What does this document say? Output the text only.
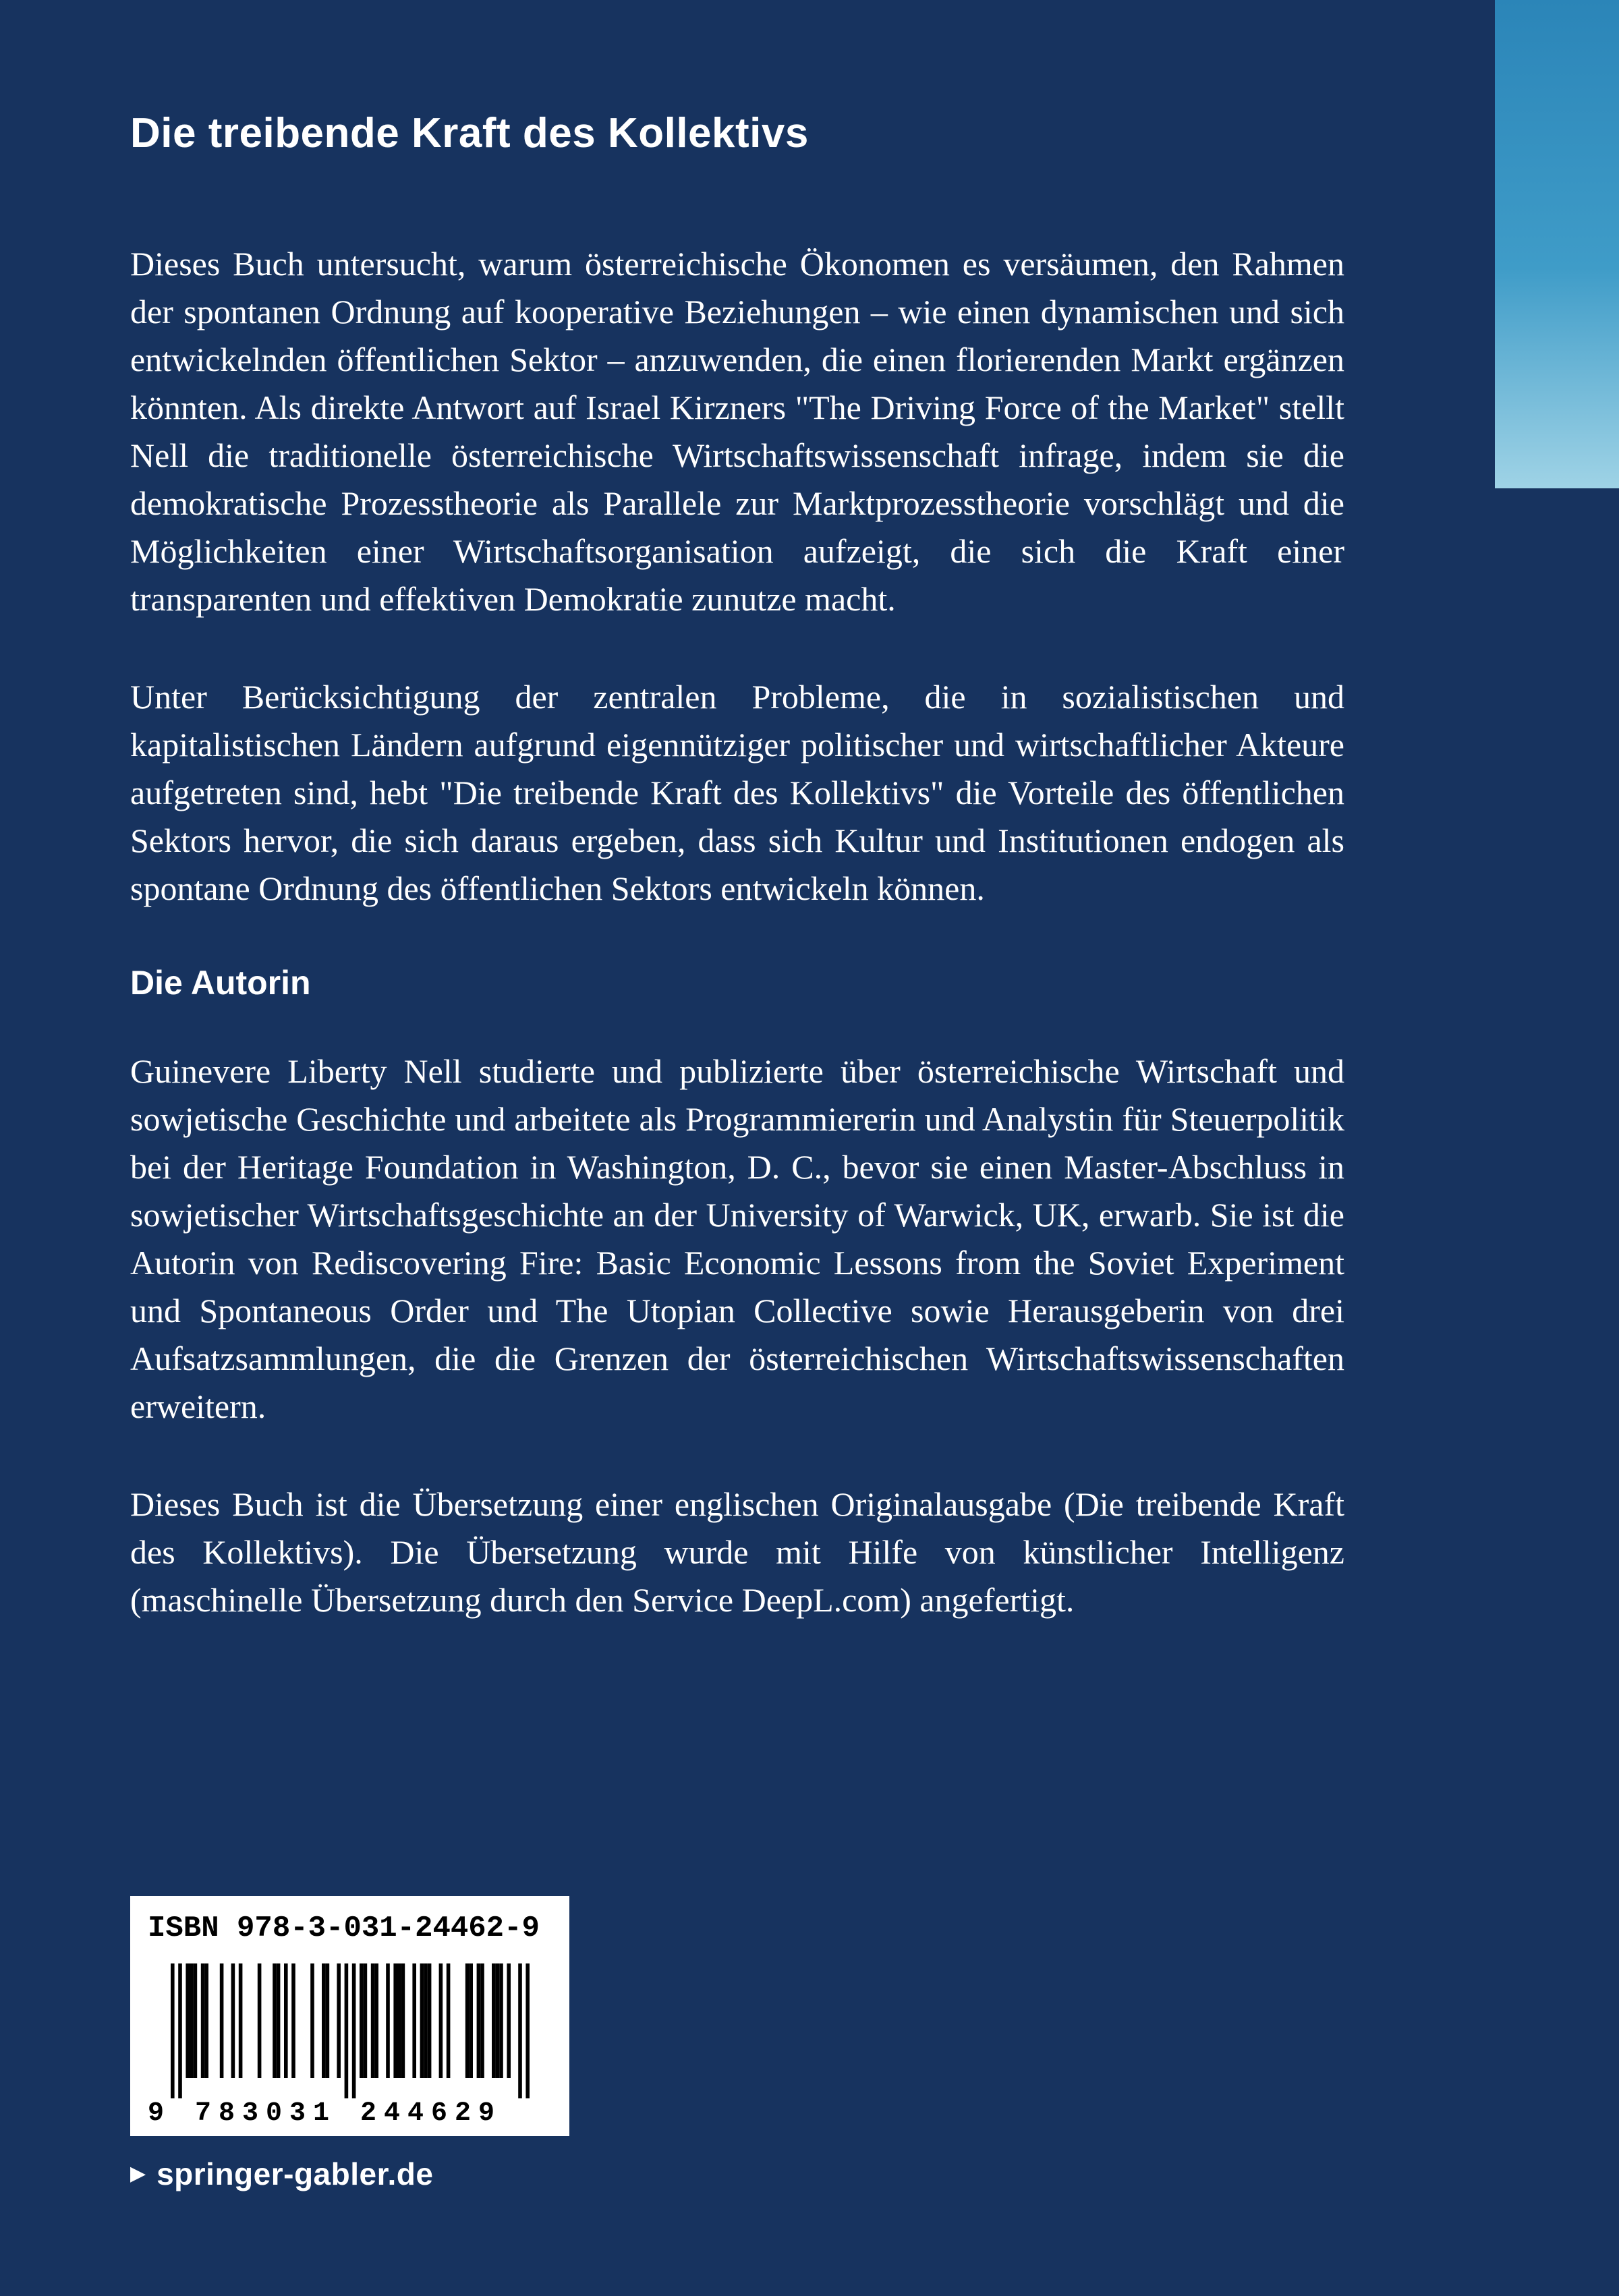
Die treibende Kraft des Kollektivs

Dieses Buch untersucht, warum österreichische Ökonomen es versäumen, den Rahmen der spontanen Ordnung auf kooperative Beziehungen – wie einen dynamischen und sich entwickelnden öffentlichen Sektor – anzuwenden, die einen florierenden Markt ergänzen könnten. Als direkte Antwort auf Israel Kirzners "The Driving Force of the Market" stellt Nell die traditionelle österreichische Wirtschaftswissenschaft infrage, indem sie die demokratische Prozesstheorie als Parallele zur Marktprozesstheorie vorschlägt und die Möglichkeiten einer Wirtschaftsorganisation aufzeigt, die sich die Kraft einer transparenten und effektiven Demokratie zunutze macht.

Unter Berücksichtigung der zentralen Probleme, die in sozialistischen und kapitalistischen Ländern aufgrund eigennütziger politischer und wirtschaftlicher Akteure aufgetreten sind, hebt "Die treibende Kraft des Kollektivs" die Vorteile des öffentlichen Sektors hervor, die sich daraus ergeben, dass sich Kultur und Institutionen endogen als spontane Ordnung des öffentlichen Sektors entwickeln können.

Die Autorin

Guinevere Liberty Nell studierte und publizierte über österreichische Wirtschaft und sowjetische Geschichte und arbeitete als Programmiererin und Analystin für Steuerpolitik bei der Heritage Foundation in Washington, D. C., bevor sie einen Master-Abschluss in sowjetischer Wirtschaftsgeschichte an der University of Warwick, UK, erwarb. Sie ist die Autorin von Rediscovering Fire: Basic Economic Lessons from the Soviet Experiment und Spontaneous Order und The Utopian Collective sowie Herausgeberin von drei Aufsatzsammlungen, die die Grenzen der österreichischen Wirtschaftswissenschaften erweitern.

Dieses Buch ist die Übersetzung einer englischen Originalausgabe (Die treibende Kraft des Kollektivs). Die Übersetzung wurde mit Hilfe von künstlicher Intelligenz (maschinelle Übersetzung durch den Service DeepL.com) angefertigt.

ISBN 978-3-031-24462-9
9 783031 244629
▶ springer-gabler.de
